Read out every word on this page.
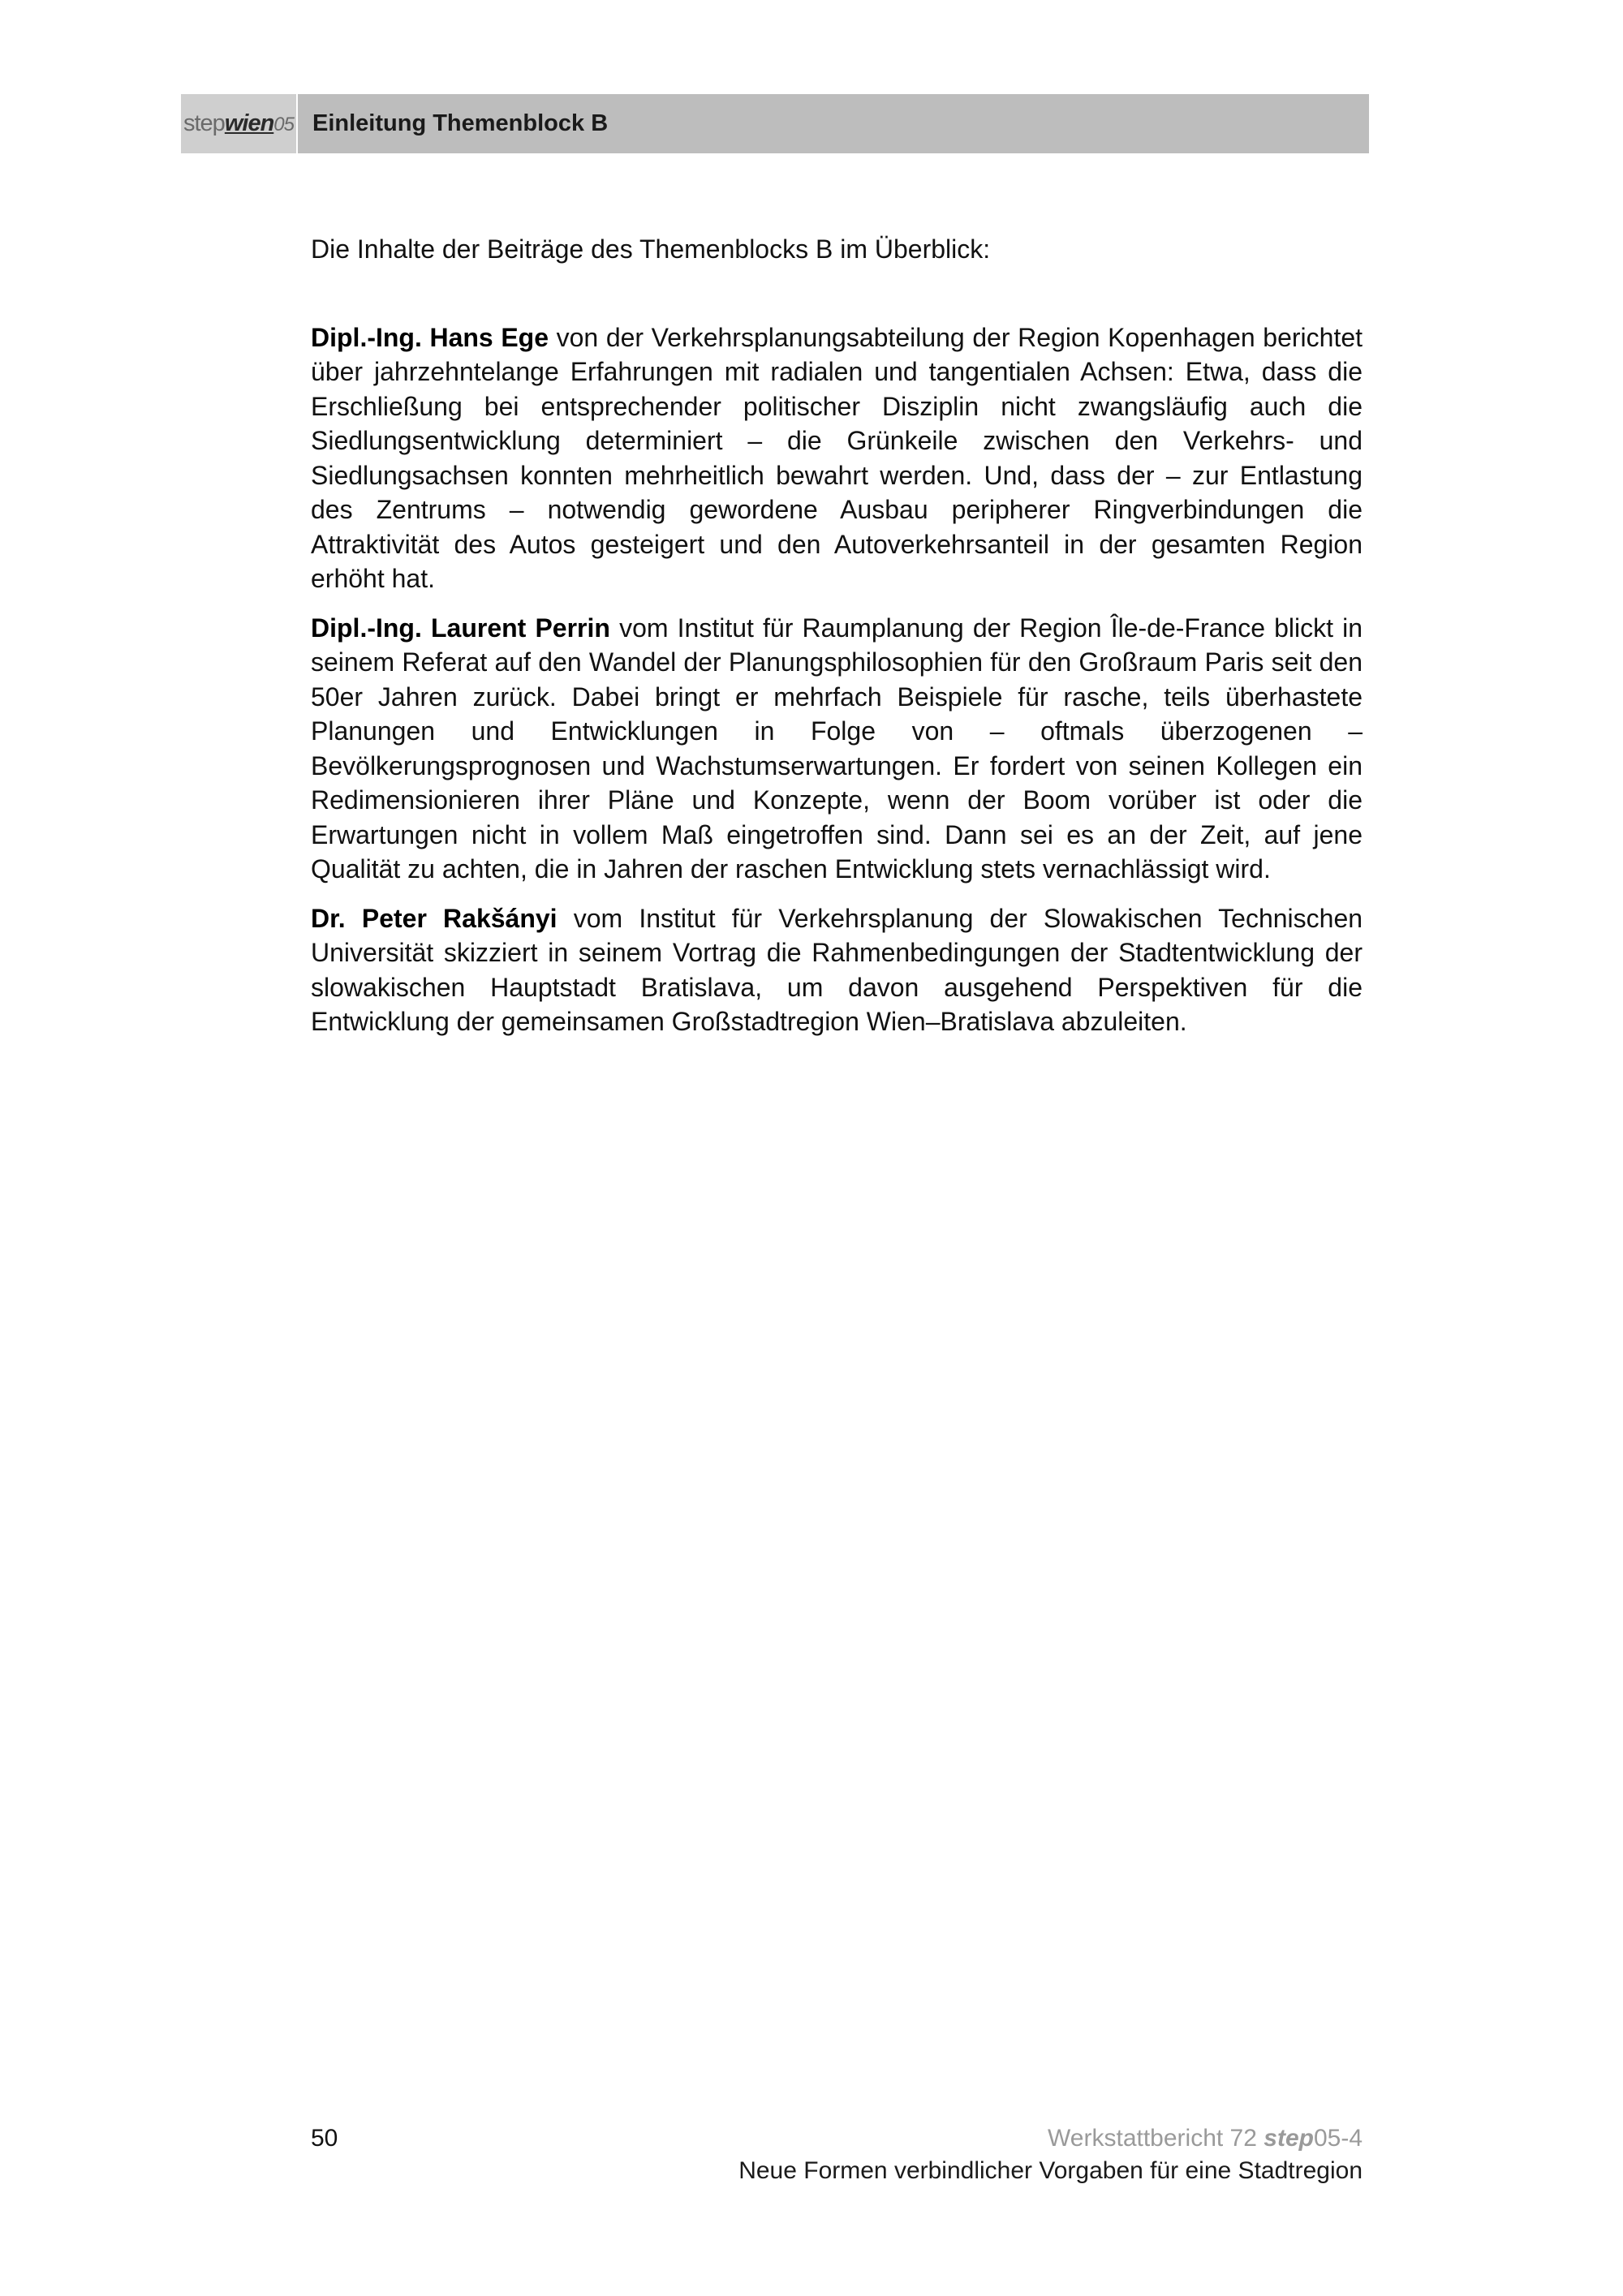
stepwien05 Einleitung Themenblock B

Die Inhalte der Beiträge des Themenblocks B im Überblick:

Dipl.-Ing. Hans Ege von der Verkehrsplanungsabteilung der Region Kopenhagen berichtet über jahrzehntelange Erfahrungen mit radialen und tangentialen Achsen: Etwa, dass die Erschließung bei entsprechender politischer Disziplin nicht zwangsläufig auch die Siedlungsentwicklung determiniert – die Grünkeile zwischen den Verkehrs- und Siedlungsachsen konnten mehrheitlich bewahrt werden. Und, dass der – zur Entlastung des Zentrums – notwendig gewordene Ausbau peripherer Ringverbindungen die Attraktivität des Autos gesteigert und den Autoverkehrsanteil in der gesamten Region erhöht hat.

Dipl.-Ing. Laurent Perrin vom Institut für Raumplanung der Region Île-de-France blickt in seinem Referat auf den Wandel der Planungsphilosophien für den Großraum Paris seit den 50er Jahren zurück. Dabei bringt er mehrfach Beispiele für rasche, teils überhastete Planungen und Entwicklungen in Folge von – oftmals überzogenen – Bevölkerungsprognosen und Wachstumserwartungen. Er fordert von seinen Kollegen ein Redimensionieren ihrer Pläne und Konzepte, wenn der Boom vorüber ist oder die Erwartungen nicht in vollem Maß eingetroffen sind. Dann sei es an der Zeit, auf jene Qualität zu achten, die in Jahren der raschen Entwicklung stets vernachlässigt wird.

Dr. Peter Rakšányi vom Institut für Verkehrsplanung der Slowakischen Technischen Universität skizziert in seinem Vortrag die Rahmenbedingungen der Stadtentwicklung der slowakischen Hauptstadt Bratislava, um davon ausgehend Perspektiven für die Entwicklung der gemeinsamen Großstadtregion Wien–Bratislava abzuleiten.

50	Werkstattbericht 72 step05-4
Neue Formen verbindlicher Vorgaben für eine Stadtregion
